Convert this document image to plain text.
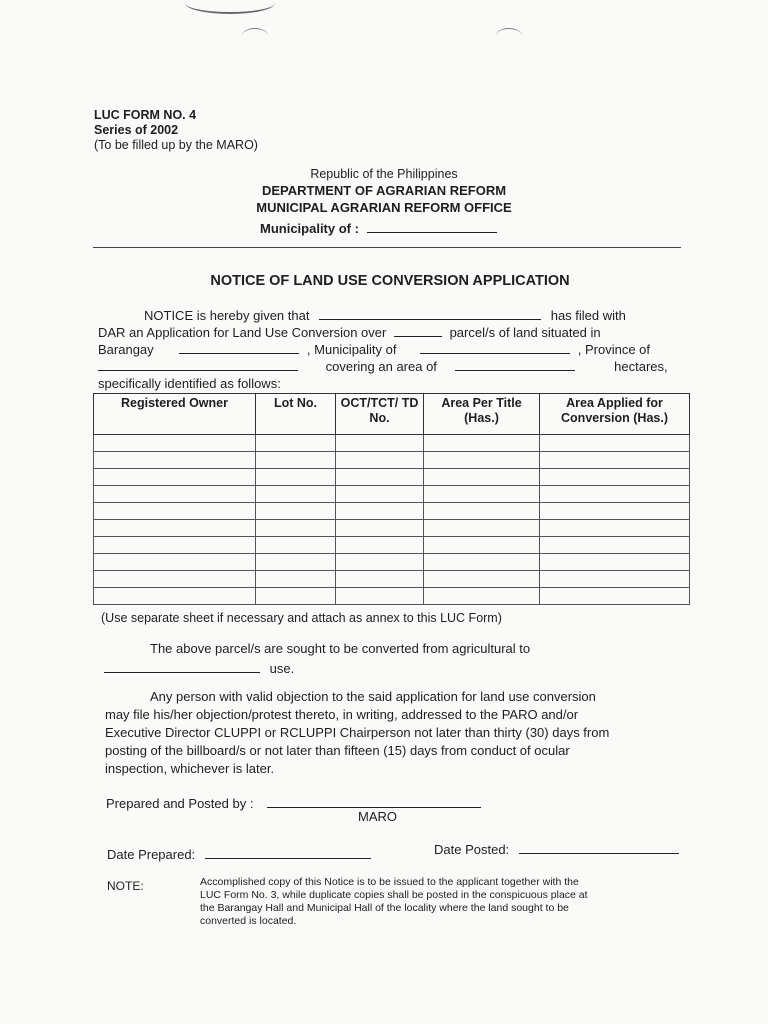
LUC FORM NO. 4
Series of 2002
(To be filled up by the MARO)
Republic of the Philippines
DEPARTMENT OF AGRARIAN REFORM
MUNICIPAL AGRARIAN REFORM OFFICE
Municipality of :
NOTICE OF LAND USE CONVERSION APPLICATION
NOTICE is hereby given that	has filed with
DAR an Application for Land Use Conversion over	parcel/s of land situated in
Barangay	, Municipality of	, Province of
covering an area of	hectares,
specifically identified as follows:
Registered Owner	Lot No.	OCT/TCT/ TD No.	Area Per Title (Has.)	Area Applied for Conversion (Has.)

(Use separate sheet if necessary and attach as annex to this LUC Form)
The above parcel/s are sought to be converted from agricultural to
use.
Any person with valid objection to the said application for land use conversion
may file his/her objection/protest thereto, in writing, addressed to the PARO and/or
Executive Director CLUPPI or RCLUPPI Chairperson not later than thirty (30) days from
posting of the billboard/s or not later than fifteen (15) days from conduct of ocular
inspection, whichever is later.
Prepared and Posted by :
MARO
Date Prepared:	Date Posted:
NOTE:	Accomplished copy of this Notice is to be issued to the applicant together with the
LUC Form No. 3, while duplicate copies shall be posted in the conspicuous place at
the Barangay Hall and Municipal Hall of the locality where the land sought to be
converted is located.
